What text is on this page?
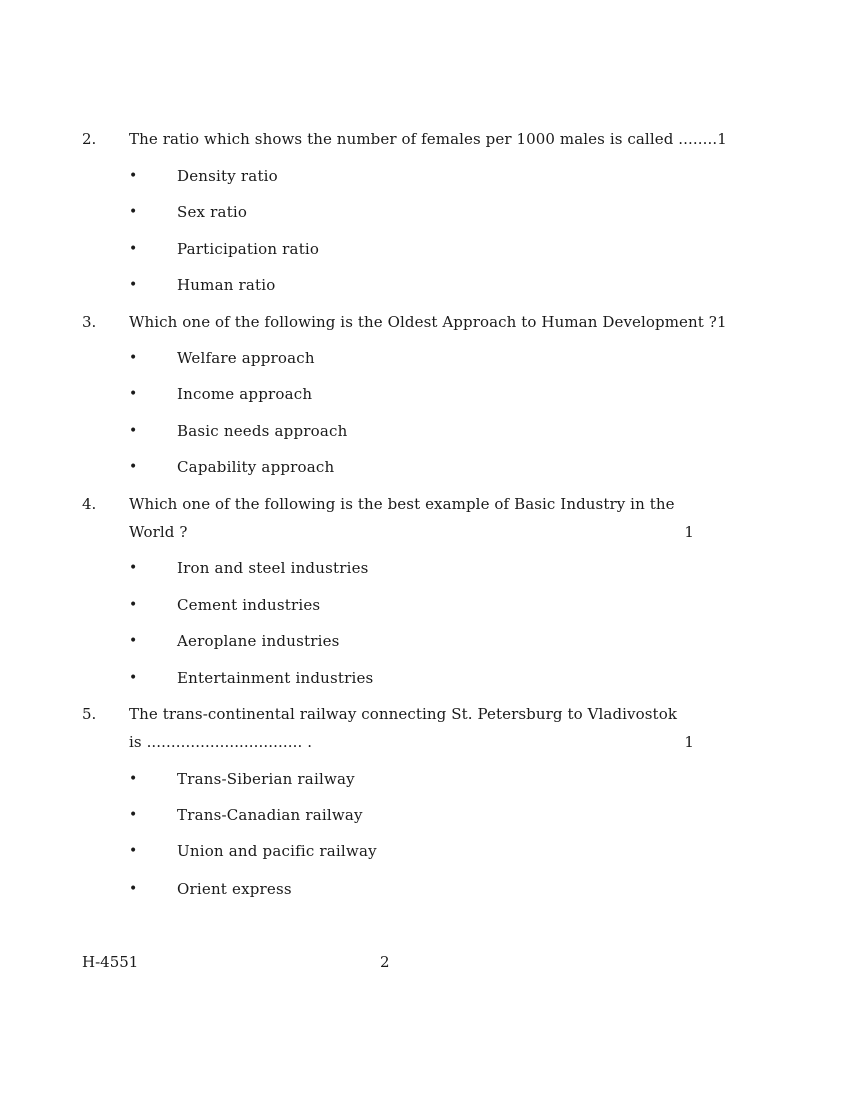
2. The ratio which shows the number of females per 1000 males is called ........ 1
•	Density ratio
•	Sex ratio
•	Participation ratio
•	Human ratio
3. Which one of the following is the Oldest Approach to Human Development ? 1
•	Welfare approach
•	Income approach
•	Basic needs approach
•	Capability approach
4. Which one of the following is the best example of Basic Industry in the
World ?	1
•	Iron and steel industries
•	Cement industries
•	Aeroplane industries
•	Entertainment industries
5. The trans-continental railway connecting St. Petersburg to Vladivostok
is ................................ .	1
•	Trans-Siberian railway
•	Trans-Canadian railway
•	Union and pacific railway
•	Orient express
H-4551	2
